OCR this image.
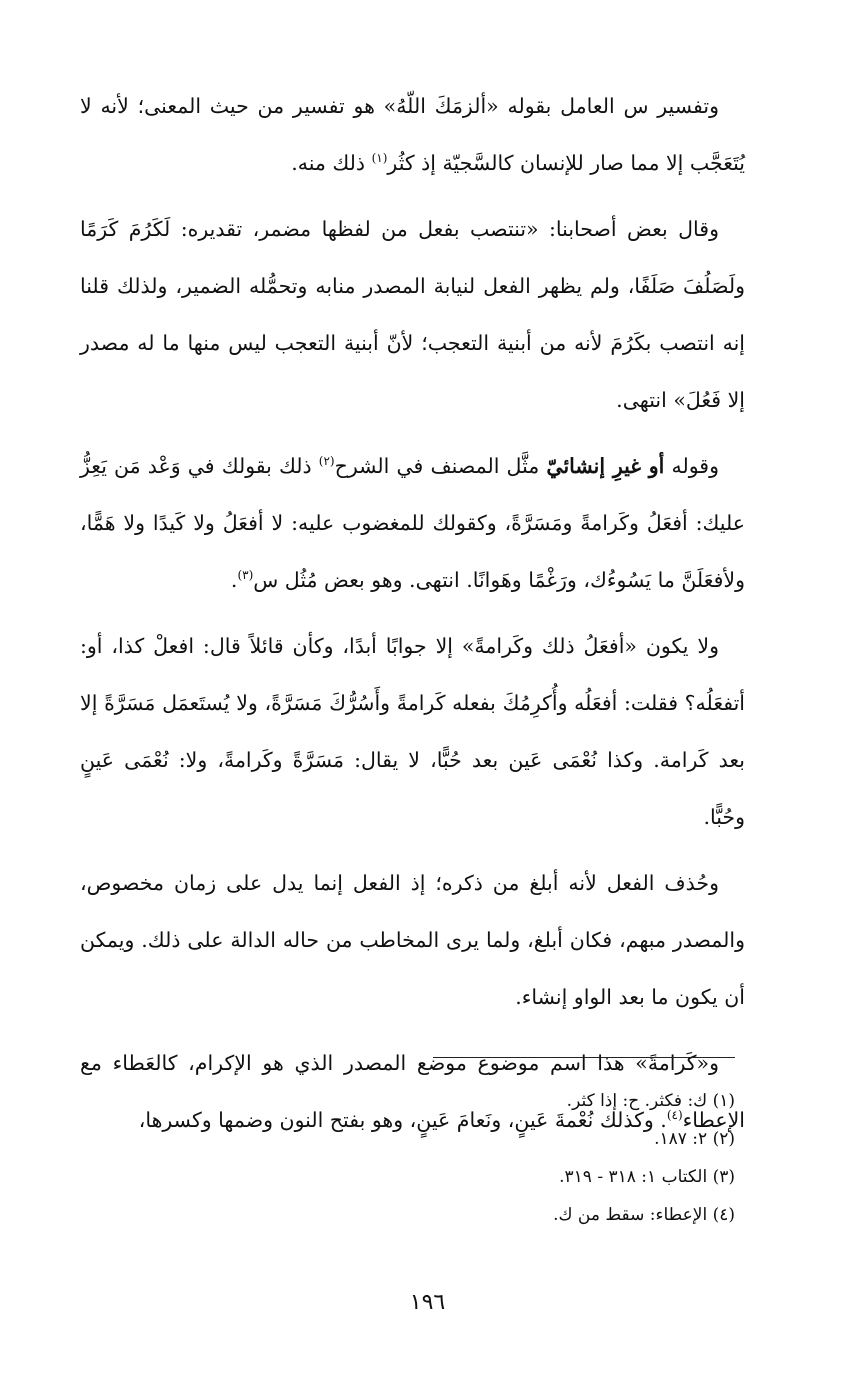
وتفسير س العامل بقوله «ألزمَكَ اللّهُ» هو تفسير من حيث المعنى؛ لأنه لا يُتَعَجَّب إلا مما صار للإنسان كالسَّجيّة إذ كثُر$^{(١)}$ ذلك منه.

وقال بعض أصحابنا: «تنتصب بفعل من لفظها مضمر، تقديره: لَكَرُمَ كَرَمًا ولَصَلُفَ صَلَفًا، ولم يظهر الفعل لنيابة المصدر منابه وتحمُّله الضمير، ولذلك قلنا إنه انتصب بكَرُمَ لأنه من أبنية التعجب؛ لأنّ أبنية التعجب ليس منها ما له مصدر إلا فَعُلَ» انتهى.

وقوله أو غيرِ إنشائيّ مثَّل المصنف في الشرح$^{(٢)}$ ذلك بقولك في وَعْد مَن يَعِزُّ عليك: أفعَلُ وكَرامةً ومَسَرَّةً، وكقولك للمغضوب عليه: لا أفعَلُ ولا كَيدًا ولا هَمًّا، ولأفعَلَنَّ ما يَسُوءُك، ورَغْمًا وهَوانًا. انتهى. وهو بعض مُثُل س$^{(٣)}$.

ولا يكون «أفعَلُ ذلك وكَرامةً» إلا جوابًا أبدًا، وكأن قائلاً قال: افعلْ كذا، أو: أتفعَلُه؟ فقلت: أفعَلُه وأُكرِمُكَ بفعله كَرامةً وأَسُرُّكَ مَسَرَّةً، ولا يُستَعمَل مَسَرَّةً إلا بعد كَرامة. وكذا نُعْمَى عَين بعد حُبًّا، لا يقال: مَسَرَّةً وكَرامةً، ولا: نُعْمَى عَينٍ وحُبًّا.

وحُذف الفعل لأنه أبلغ من ذكره؛ إذ الفعل إنما يدل على زمان مخصوص، والمصدر مبهم، فكان أبلغ، ولما يرى المخاطب من حاله الدالة على ذلك. ويمكن أن يكون ما بعد الواو إنشاء.

و«كَرامةً» هذا اسم موضوع موضع المصدر الذي هو الإكرام، كالعَطاء مع الإعطاء$^{(٤)}$. وكذلك نُعْمةَ عَينٍ، ونَعامَ عَينٍ، وهو بفتح النون وضمها وكسرها،

(١) ك: فكثر. ح: إذا كثر.

(٢) ٢: ١٨٧.

(٣) الكتاب ١: ٣١٨ - ٣١٩.

(٤) الإعطاء: سقط من ك.

١٩٦
